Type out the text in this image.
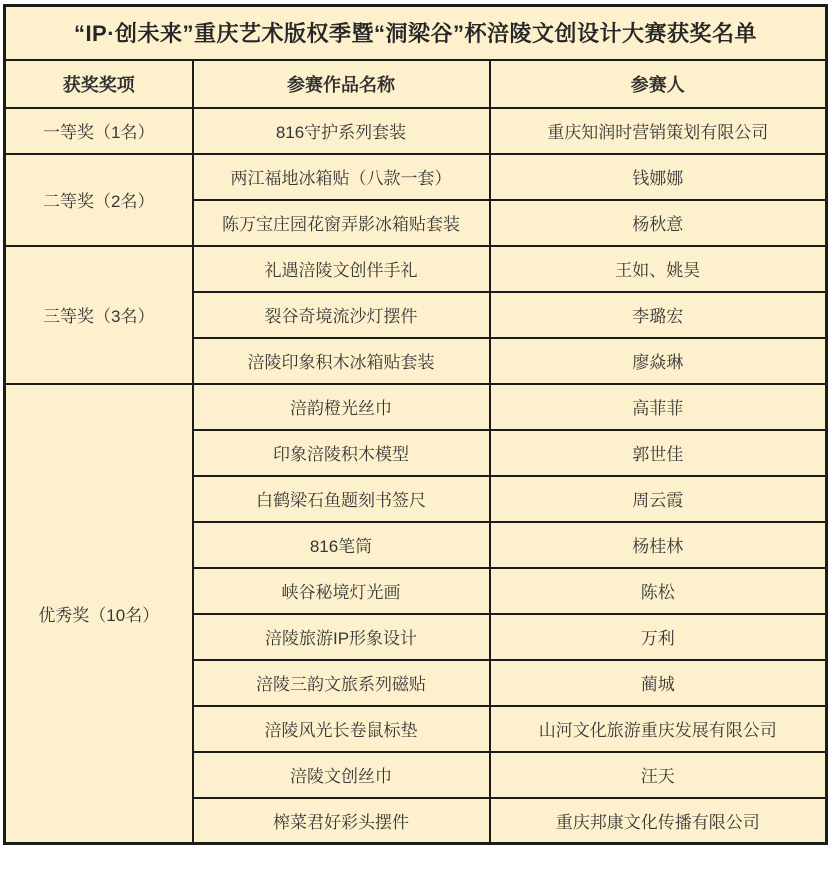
“IP·创未来”重庆艺术版权季暨“洞梁谷”杯涪陵文创设计大赛获奖名单		
获奖奖项	参赛作品名称	参赛人
一等奖（1名）	816守护系列套装	重庆知润时营销策划有限公司
二等奖（2名）	两江福地冰箱贴（八款一套）	钱娜娜
	陈万宝庄园花窗弄影冰箱贴套装	杨秋意
三等奖（3名）	礼遇涪陵文创伴手礼	王如、姚昊
	裂谷奇境流沙灯摆件	李璐宏
	涪陵印象积木冰箱贴套装	廖焱琳
优秀奖（10名）	涪韵橙光丝巾	高菲菲
	印象涪陵积木模型	郭世佳
	白鹤梁石鱼题刻书签尺	周云霞
	816笔筒	杨桂林
	峡谷秘境灯光画	陈松
	涪陵旅游IP形象设计	万利
	涪陵三韵文旅系列磁贴	蔺城
	涪陵风光长卷鼠标垫	山河文化旅游重庆发展有限公司
	涪陵文创丝巾	汪天
	榨菜君好彩头摆件	重庆邦康文化传播有限公司
